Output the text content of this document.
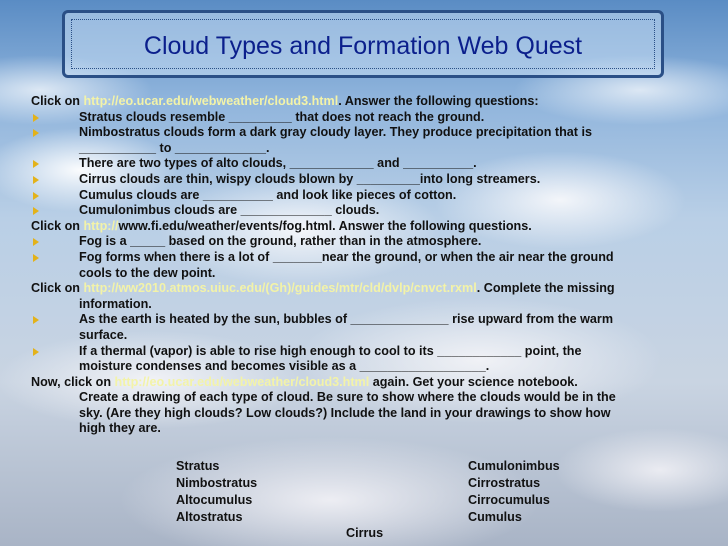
Cloud Types and Formation Web Quest
Click on http://eo.ucar.edu/webweather/cloud3.html. Answer the following questions:
Stratus clouds resemble _________ that does not reach the ground.
Nimbostratus clouds form a dark gray cloudy layer. They produce precipitation that is
___________ to _____________.
There are two types of alto clouds, ____________ and __________.
Cirrus clouds are thin, wispy clouds blown by _________into long streamers.
Cumulus clouds are __________ and look like pieces of cotton.
Cumulonimbus clouds are _____________ clouds.
Click on http://www.fi.edu/weather/events/fog.html. Answer the following questions.
Fog is a _____ based on the ground, rather than in the atmosphere.
Fog forms when there is a lot of _______near the ground, or when the air near the ground
cools to the dew point.
Click on http://ww2010.atmos.uiuc.edu/(Gh)/guides/mtr/cld/dvlp/cnvct.rxml. Complete the missing
information.
As the earth is heated by the sun, bubbles of ______________ rise upward from the warm
surface.
If a thermal (vapor) is able to rise high enough to cool to its ____________ point, the
moisture condenses and becomes visible as a __________________.
Now, click on http://eo.ucar.edu/webweather/cloud3.html again. Get your science notebook.
Create a drawing of each type of cloud. Be sure to show where the clouds would be in the
sky. (Are they high clouds? Low clouds?) Include the land in your drawings to show how
high they are.
Stratus
Nimbostratus
Altocumulus
Altostratus
Cumulonimbus
Cirrostratus
Cirrocumulus
Cumulus
Cirrus
